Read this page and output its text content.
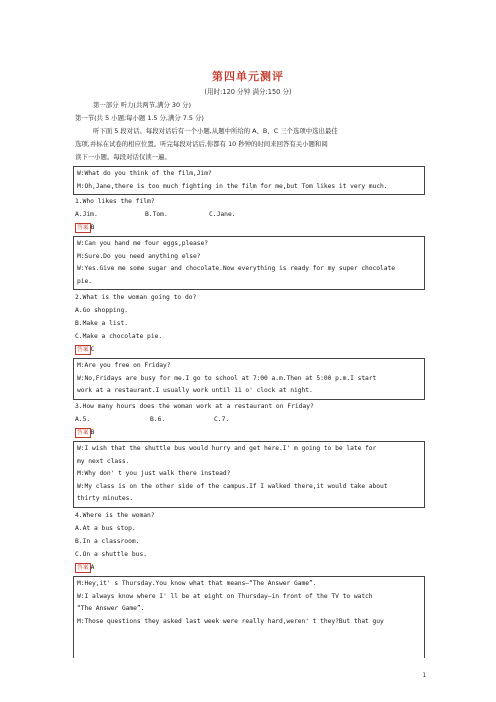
第四单元测评
(用时:120 分钟 满分:150 分)
第一部分 听力(共两节,满分 30 分)
第一节(共 5 小题;每小题 1.5 分,满分 7.5 分)
听下面 5 段对话。每段对话后有一个小题,从题中所给的 A、B、C 三个选项中选出最佳
选项,并标在试卷的相应位置。听完每段对话后,你都有 10 秒钟的时间来回答有关小题和阅
读下一小题。每段对话仅读一遍。
W:What do you think of the film,Jim?
M:Oh,Jane,there is too much fighting in the film for me,but Tom likes it very much.
1.Who likes the film?
A.Jim.	B.Tom.	C.Jane.
答案 B
W:Can you hand me four eggs,please?
M:Sure.Do you need anything else?
W:Yes.Give me some sugar and chocolate.Now everything is ready for my super chocolate
pie.
2.What is the woman going to do?
A.Go shopping.
B.Make a list.
C.Make a chocolate pie.
答案 C
M:Are you free on Friday?
W:No,Fridays are busy for me.I go to school at 7:00 a.m.Then at 5:00 p.m.I start
work at a restaurant.I usually work until 11 o' clock at night.
3.How many hours does the woman work at a restaurant on Friday?
A.5.	B.6.	C.7.
答案 B
W:I wish that the shuttle bus would hurry and get here.I' m going to be late for
my next class.
M:Why don' t you just walk there instead?
W:My class is on the other side of the campus.If I walked there,it would take about
thirty minutes.
4.Where is the woman?
A.At a bus stop.
B.In a classroom.
C.On a shuttle bus.
答案 A
M:Hey,it' s Thursday.You know what that means—“The Answer Game”.
W:I always know where I' ll be at eight on Thursday—in front of the TV to watch
“The Answer Game”.
M:Those questions they asked last week were really hard,weren' t they?But that guy
1
